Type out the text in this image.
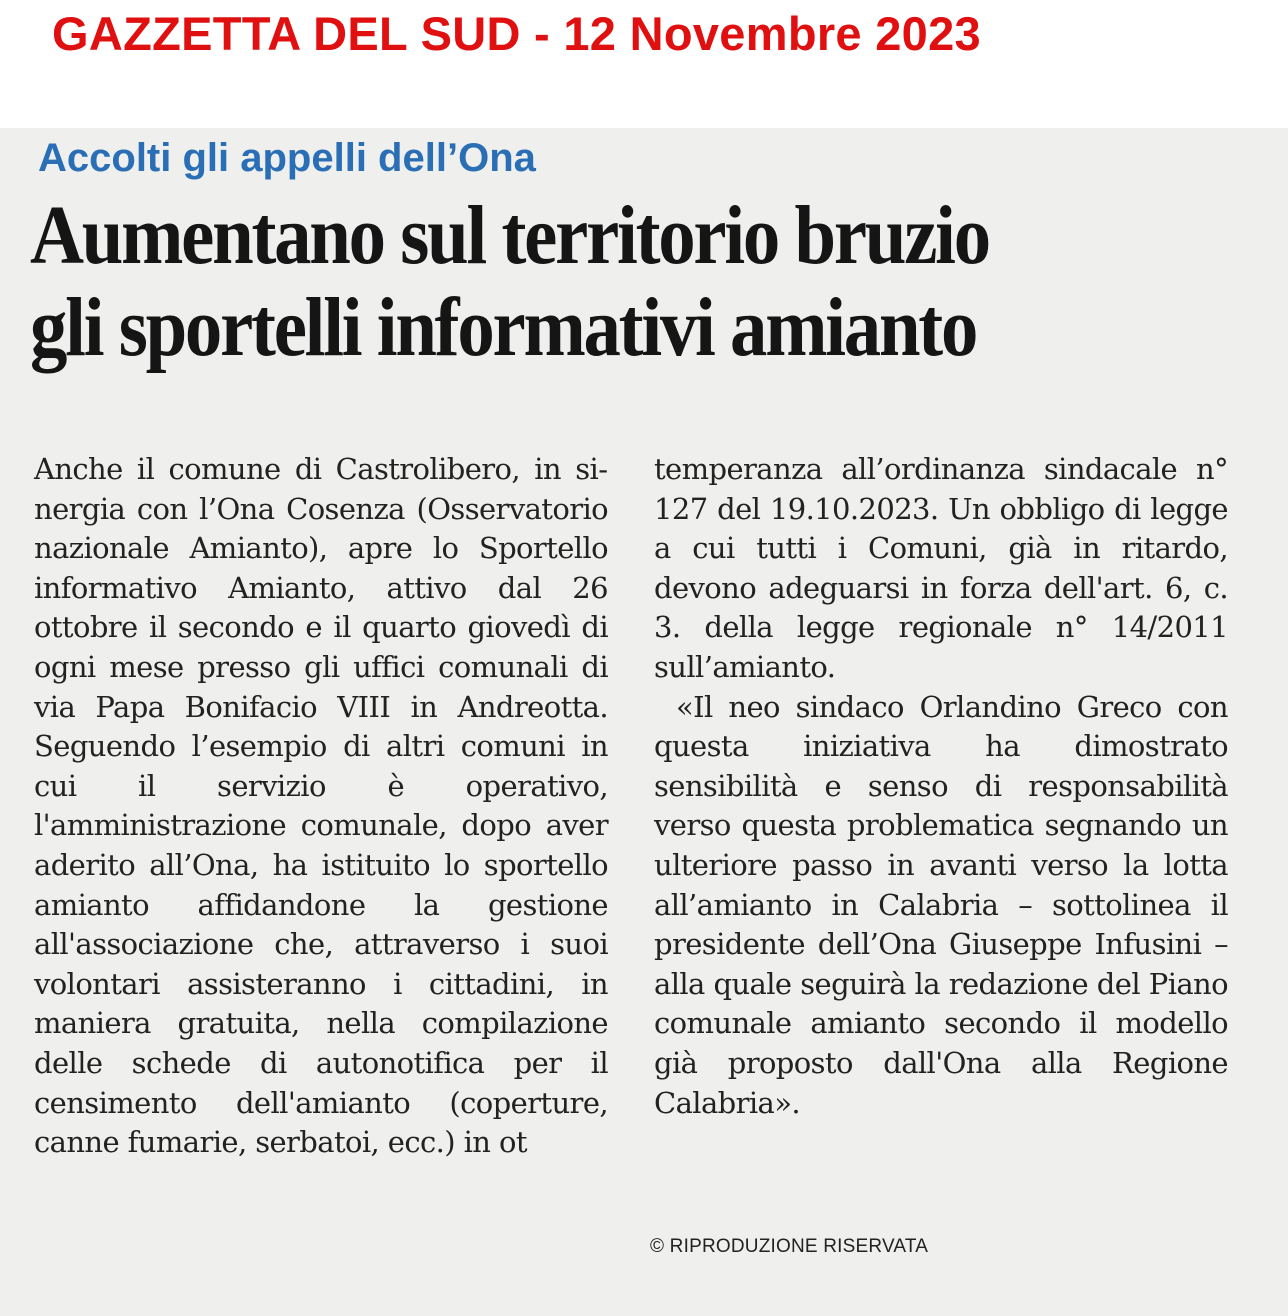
GAZZETTA DEL SUD - 12 Novembre 2023
Accolti gli appelli dell’Ona
Aumentano sul territorio bruzio
gli sportelli informativi amianto

Anche il comune di Castrolibero, in sinergia con l’Ona Cosenza (Osservatorio nazionale Amianto), apre lo Sportello informativo Amianto, attivo dal 26 ottobre il secondo e il quarto giovedì di ogni mese presso gli uffici comunali di via Papa Bonifacio VIII in Andreotta. Seguendo l’esempio di altri comuni in cui il servizio è operativo, l'amministrazione comunale, dopo aver aderito all’Ona, ha istituito lo sportello amianto affidandone la gestione all'associazione che, attraverso i suoi volontari assisteranno i cittadini, in maniera gratuita, nella compilazione delle schede di autonotifica per il censimento dell'amianto (coperture, canne fumarie, serbatoi, ecc.) in ot

temperanza all’ordinanza sindacale n° 127 del 19.10.2023. Un obbligo di legge a cui tutti i Comuni, già in ritardo, devono adeguarsi in forza dell'art. 6, c. 3. della legge regionale n° 14/2011 sull’amianto.

«Il neo sindaco Orlandino Greco con questa iniziativa ha dimostrato sensibilità e senso di responsabilità verso questa problematica segnando un ulteriore passo in avanti verso la lotta all’amianto in Calabria – sottolinea il presidente dell’Ona Giuseppe Infusini – alla quale seguirà la redazione del Piano comunale amianto secondo il modello già proposto dall'Ona alla Regione Calabria».

© RIPRODUZIONE RISERVATA
